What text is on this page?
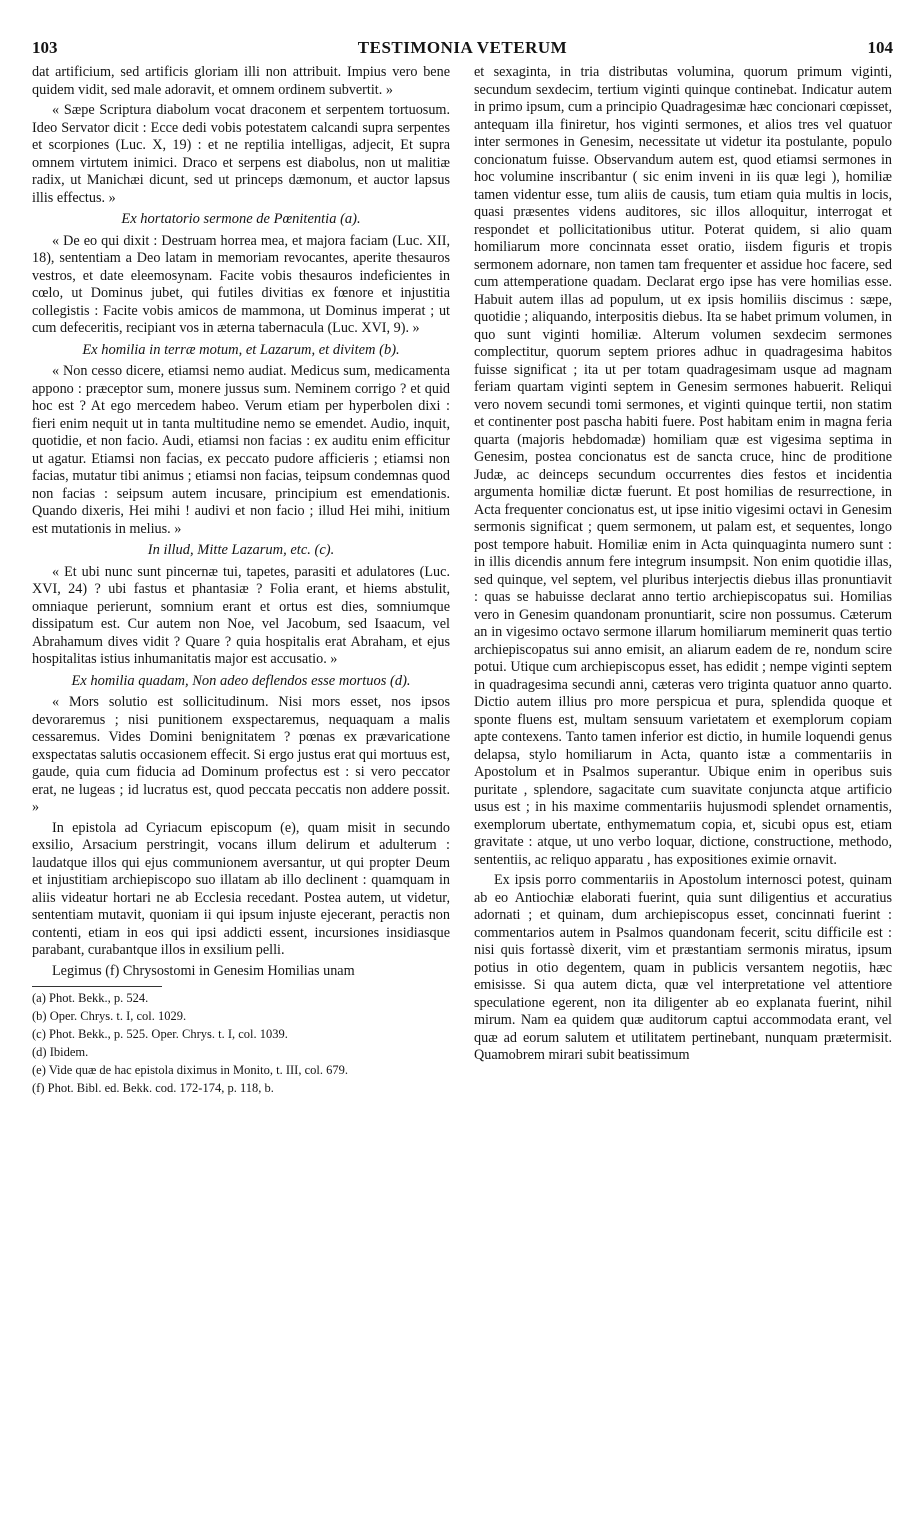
103	TESTIMONIA VETERUM	104

dat artificium, sed artificis gloriam illi non attribuit. Impius vero bene quidem vidit, sed male adoravit, et omnem ordinem subvertit. »

« Sæpe Scriptura diabolum vocat draconem et serpentem tortuosum. Ideo Servator dicit : Ecce dedi vobis potestatem calcandi supra serpentes et scorpiones (Luc. X, 19) : et ne reptilia intelligas, adjecit, Et supra omnem virtutem inimici. Draco et serpens est diabolus, non ut malitiæ radix, ut Manichæi dicunt, sed ut princeps dæmonum, et auctor lapsus illis effectus. »

Ex hortatorio sermone de Pœnitentia (a).

« De eo qui dixit : Destruam horrea mea, et majora faciam (Luc. XII, 18), sententiam a Deo latam in memoriam revocantes, aperite thesauros vestros, et date eleemosynam. Facite vobis thesauros indeficientes in cœlo, ut Dominus jubet, qui futiles divitias ex fœnore et injustitia collegistis : Facite vobis amicos de mammona, ut Dominus imperat ; ut cum defeceritis, recipiant vos in æterna tabernacula (Luc. XVI, 9). »

Ex homilia in terræ motum, et Lazarum, et divitem (b).

« Non cesso dicere, etiamsi nemo audiat. Medicus sum, medicamenta appono : præceptor sum, monere jussus sum. Neminem corrigo ? et quid hoc est ? At ego mercedem habeo. Verum etiam per hyperbolen dixi : fieri enim nequit ut in tanta multitudine nemo se emendet. Audio, inquit, quotidie, et non facio. Audi, etiamsi non facias : ex auditu enim efficitur ut agatur. Etiamsi non facias, ex peccato pudore afficieris ; etiamsi non facias, mutatur tibi animus ; etiamsi non facias, teipsum condemnas quod non facias : seipsum autem incusare, principium est emendationis. Quando dixeris, Hei mihi ! audivi et non facio ; illud Hei mihi, initium est mutationis in melius. »

In illud, Mitte Lazarum, etc. (c).

« Et ubi nunc sunt pincernæ tui, tapetes, parasiti et adulatores (Luc. XVI, 24) ? ubi fastus et phantasiæ ? Folia erant, et hiems abstulit, omniaque perierunt, somnium erant et ortus est dies, somniumque dissipatum est. Cur autem non Noe, vel Jacobum, sed Isaacum, vel Abrahamum dives vidit ? Quare ? quia hospitalis erat Abraham, et ejus hospitalitas istius inhumanitatis major est accusatio. »

Ex homilia quadam, Non adeo deflendos esse mortuos (d).

« Mors solutio est sollicitudinum. Nisi mors esset, nos ipsos devoraremus ; nisi punitionem exspectaremus, nequaquam a malis cessaremus. Vides Domini benignitatem ? pœnas ex prævaricatione exspectatas salutis occasionem effecit. Si ergo justus erat qui mortuus est, gaude, quia cum fiducia ad Dominum profectus est : si vero peccator erat, ne lugeas ; id lucratus est, quod peccata peccatis non addere possit. »

In epistola ad Cyriacum episcopum (e), quam misit in secundo exsilio, Arsacium perstringit, vocans illum delirum et adulterum : laudatque illos qui ejus communionem aversantur, ut qui propter Deum et injustitiam archiepiscopo suo illatam ab illo declinent : quamquam in aliis videatur hortari ne ab Ecclesia recedant. Postea autem, ut videtur, sententiam mutavit, quoniam ii qui ipsum injuste ejecerant, peractis non contenti, etiam in eos qui ipsi addicti essent, incursiones insidiasque parabant, curabantque illos in exsilium pelli.

Legimus (f) Chrysostomi in Genesim Homilias unam

(a) Phot. Bekk., p. 524.

(b) Oper. Chrys. t. I, col. 1029.

(c) Phot. Bekk., p. 525. Oper. Chrys. t. I, col. 1039.

(d) Ibidem.

(e) Vide quæ de hac epistola diximus in Monito, t. III, col. 679.

(f) Phot. Bibl. ed. Bekk. cod. 172-174, p. 118, b.

et sexaginta, in tria distributas volumina, quorum primum viginti, secundum sexdecim, tertium viginti quinque continebat. Indicatur autem in primo ipsum, cum a principio Quadragesimæ hæc concionari cœpisset, antequam illa finiretur, hos viginti sermones, et alios tres vel quatuor inter sermones in Genesim, necessitate ut videtur ita postulante, populo concionatum fuisse. Observandum autem est, quod etiamsi sermones in hoc volumine inscribantur ( sic enim inveni in iis quæ legi ), homiliæ tamen videntur esse, tum aliis de causis, tum etiam quia multis in locis, quasi præsentes videns auditores, sic illos alloquitur, interrogat et respondet et pollicitationibus utitur. Poterat quidem, si alio quam homiliarum more concinnata esset oratio, iisdem figuris et tropis sermonem adornare, non tamen tam frequenter et assidue hoc facere, sed cum attemperatione quadam. Declarat ergo ipse has vere homilias esse. Habuit autem illas ad populum, ut ex ipsis homiliis discimus : sæpe, quotidie ; aliquando, interpositis diebus. Ita se habet primum volumen, in quo sunt viginti homiliæ. Alterum volumen sexdecim sermones complectitur, quorum septem priores adhuc in quadragesima habitos fuisse significat ; ita ut per totam quadragesimam usque ad magnam feriam quartam viginti septem in Genesim sermones habuerit. Reliqui vero novem secundi tomi sermones, et viginti quinque tertii, non statim et continenter post pascha habiti fuere. Post habitam enim in magna feria quarta (majoris hebdomadæ) homiliam quæ est vigesima septima in Genesim, postea concionatus est de sancta cruce, hinc de proditione Judæ, ac deinceps secundum occurrentes dies festos et incidentia argumenta homiliæ dictæ fuerunt. Et post homilias de resurrectione, in Acta frequenter concionatus est, ut ipse initio vigesimi octavi in Genesim sermonis significat ; quem sermonem, ut palam est, et sequentes, longo post tempore habuit. Homiliæ enim in Acta quinquaginta numero sunt : in illis dicendis annum fere integrum insumpsit. Non enim quotidie illas, sed quinque, vel septem, vel pluribus interjectis diebus illas pronuntiavit : quas se habuisse declarat anno tertio archiepiscopatus sui. Homilias vero in Genesim quandonam pronuntiarit, scire non possumus. Cæterum an in vigesimo octavo sermone illarum homiliarum meminerit quas tertio archiepiscopatus sui anno emisit, an aliarum eadem de re, nondum scire potui. Utique cum archiepiscopus esset, has edidit ; nempe viginti septem in quadragesima secundi anni, cæteras vero triginta quatuor anno quarto. Dictio autem illius pro more perspicua et pura, splendida quoque et sponte fluens est, multam sensuum varietatem et exemplorum copiam apte contexens. Tanto tamen inferior est dictio, in humile loquendi genus delapsa, stylo homiliarum in Acta, quanto istæ a commentariis in Apostolum et in Psalmos superantur. Ubique enim in operibus suis puritate , splendore, sagacitate cum suavitate conjuncta atque artificio usus est ; in his maxime commentariis hujusmodi splendet ornamentis, exemplorum ubertate, enthymematum copia, et, sicubi opus est, etiam gravitate : atque, ut uno verbo loquar, dictione, constructione, methodo, sententiis, ac reliquo apparatu , has expositiones eximie ornavit.

Ex ipsis porro commentariis in Apostolum internosci potest, quinam ab eo Antiochiæ elaborati fuerint, quia sunt diligentius et accuratius adornati ; et quinam, dum archiepiscopus esset, concinnati fuerint : commentarios autem in Psalmos quandonam fecerit, scitu difficile est : nisi quis fortassè dixerit, vim et præstantiam sermonis miratus, ipsum potius in otio degentem, quam in publicis versantem negotiis, hæc emisisse. Si qua autem dicta, quæ vel interpretatione vel attentiore speculatione egerent, non ita diligenter ab eo explanata fuerint, nihil mirum. Nam ea quidem quæ auditorum captui accommodata erant, vel quæ ad eorum salutem et utilitatem pertinebant, nunquam prætermisit. Quamobrem mirari subit beatissimum
